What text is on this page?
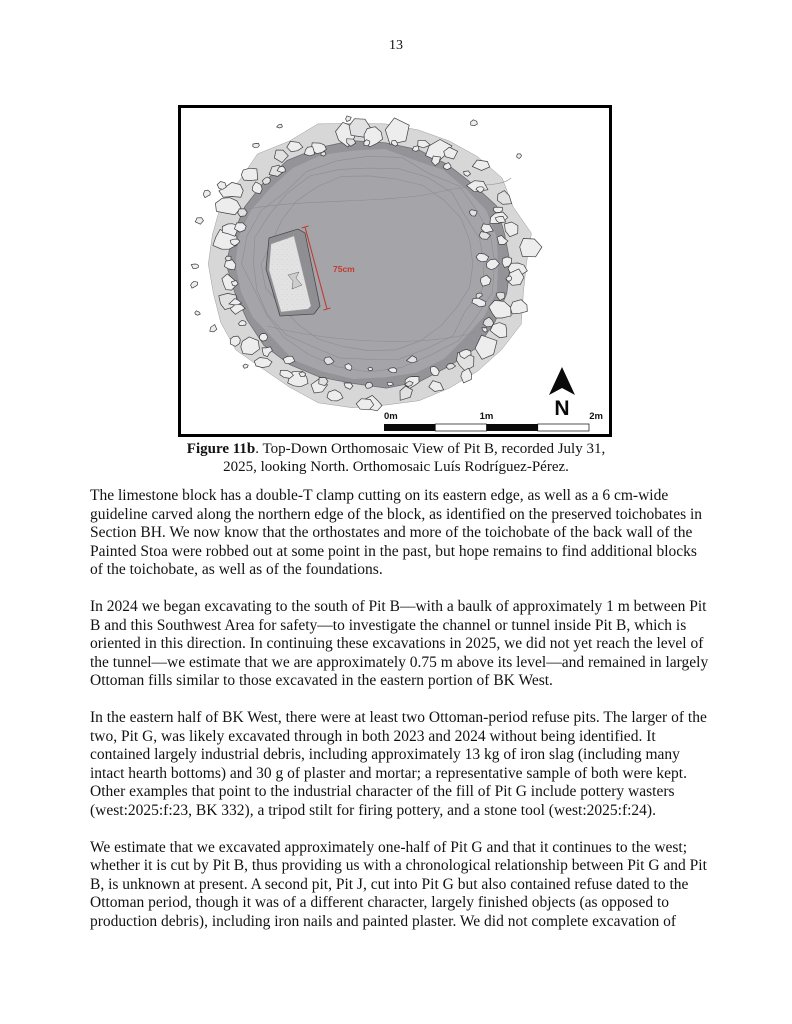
13
75cm
N
0m	1m	2m
Figure 11b. Top-Down Orthomosaic View of Pit B, recorded July 31,
2025, looking North. Orthomosaic Luís Rodríguez-Pérez.

The limestone block has a double-T clamp cutting on its eastern edge, as well as a 6 cm-wide guideline carved along the northern edge of the block, as identified on the preserved toichobates in Section BH. We now know that the orthostates and more of the toichobate of the back wall of the Painted Stoa were robbed out at some point in the past, but hope remains to find additional blocks of the toichobate, as well as of the foundations.

In 2024 we began excavating to the south of Pit B—with a baulk of approximately 1 m between Pit B and this Southwest Area for safety—to investigate the channel or tunnel inside Pit B, which is oriented in this direction. In continuing these excavations in 2025, we did not yet reach the level of the tunnel—we estimate that we are approximately 0.75 m above its level—and remained in largely Ottoman fills similar to those excavated in the eastern portion of BK West.

In the eastern half of BK West, there were at least two Ottoman-period refuse pits. The larger of the two, Pit G, was likely excavated through in both 2023 and 2024 without being identified. It contained largely industrial debris, including approximately 13 kg of iron slag (including many intact hearth bottoms) and 30 g of plaster and mortar; a representative sample of both were kept. Other examples that point to the industrial character of the fill of Pit G include pottery wasters (west:2025:f:23, BK 332), a tripod stilt for firing pottery, and a stone tool (west:2025:f:24).

We estimate that we excavated approximately one-half of Pit G and that it continues to the west; whether it is cut by Pit B, thus providing us with a chronological relationship between Pit G and Pit B, is unknown at present. A second pit, Pit J, cut into Pit G but also contained refuse dated to the Ottoman period, though it was of a different character, largely finished objects (as opposed to production debris), including iron nails and painted plaster. We did not complete excavation of
